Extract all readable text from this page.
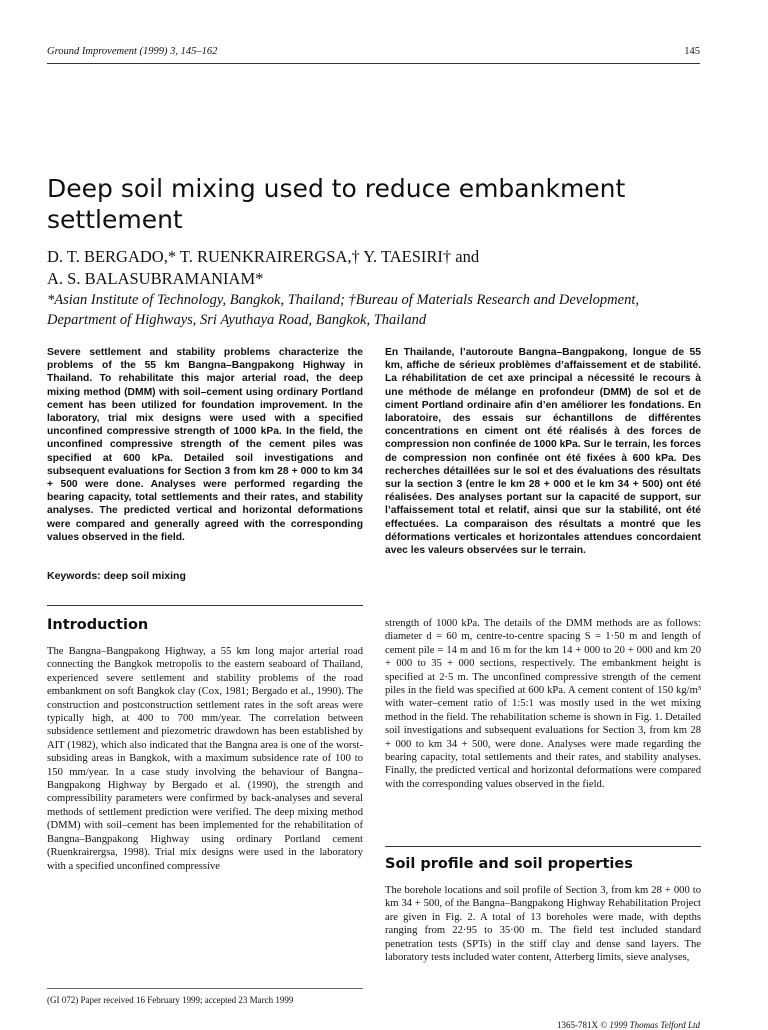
Ground Improvement (1999) 3, 145–162	145
Deep soil mixing used to reduce embankment settlement
D. T. BERGADO,* T. RUENKRAIRERGSA,† Y. TAESIRI† and
A. S. BALASUBRAMANIAM*
*Asian Institute of Technology, Bangkok, Thailand; †Bureau of Materials Research and Development, Department of Highways, Sri Ayuthaya Road, Bangkok, Thailand
Severe settlement and stability problems characterize the problems of the 55 km Bangna–Bangpakong Highway in Thailand. To rehabilitate this major arterial road, the deep mixing method (DMM) with soil–cement using ordinary Portland cement has been utilized for foundation improvement. In the laboratory, trial mix designs were used with a specified unconfined compressive strength of 1000 kPa. In the field, the unconfined compressive strength of the cement piles was specified at 600 kPa. Detailed soil investigations and subsequent evaluations for Section 3 from km 28 + 000 to km 34 + 500 were done. Analyses were performed regarding the bearing capacity, total settlements and their rates, and stability analyses. The predicted vertical and horizontal deformations were compared and generally agreed with the corresponding values observed in the field.
En Thailande, l’autoroute Bangna–Bangpakong, longue de 55 km, affiche de sérieux problèmes d’affaissement et de stabilité. La réhabilitation de cet axe principal a nécessité le recours à une méthode de mélange en profondeur (DMM) de sol et de ciment Portland ordinaire afin d’en améliorer les fondations. En laboratoire, des essais sur échantillons de différentes concentrations en ciment ont été réalisés à des forces de compression non confinée de 1000 kPa. Sur le terrain, les forces de compression non confinée ont été fixées à 600 kPa. Des recherches détaillées sur le sol et des évaluations des résultats sur la section 3 (entre le km 28 + 000 et le km 34 + 500) ont été réalisées. Des analyses portant sur la capacité de support, sur l’affaissement total et relatif, ainsi que sur la stabilité, ont été effectuées. La comparaison des résultats a montré que les déformations verticales et horizontales attendues concordaient avec les valeurs observées sur le terrain.
Keywords: deep soil mixing
Introduction
The Bangna–Bangpakong Highway, a 55 km long major arterial road connecting the Bangkok metropolis to the eastern seaboard of Thailand, experienced severe settlement and stability problems of the road embankment on soft Bangkok clay (Cox, 1981; Bergado et al., 1990). The construction and postconstruction settlement rates in the soft areas were typically high, at 400 to 700 mm/year. The correlation between subsidence settlement and piezometric drawdown has been established by AIT (1982), which also indicated that the Bangna area is one of the worst-subsiding areas in Bangkok, with a maximum subsidence rate of 100 to 150 mm/year. In a case study involving the behaviour of Bangna–Bangpakong Highway by Bergado et al. (1990), the strength and compressibility parameters were confirmed by back-analyses and several methods of settlement prediction were verified. The deep mixing method (DMM) with soil–cement has been implemented for the rehabilitation of Bangna–Bangpakong Highway using ordinary Portland cement (Ruenkrairergsa, 1998). Trial mix designs were used in the laboratory with a specified unconfined compressive
strength of 1000 kPa. The details of the DMM methods are as follows: diameter d = 60 m, centre-to-centre spacing S = 1·50 m and length of cement pile = 14 m and 16 m for the km 14 + 000 to 20 + 000 and km 20 + 000 to 35 + 000 sections, respectively. The embankment height is specified at 2·5 m. The unconfined compressive strength of the cement piles in the field was specified at 600 kPa. A cement content of 150 kg/m³ with water–cement ratio of 1:5:1 was mostly used in the wet mixing method in the field. The rehabilitation scheme is shown in Fig. 1. Detailed soil investigations and subsequent evaluations for Section 3, from km 28 + 000 to km 34 + 500, were done. Analyses were made regarding the bearing capacity, total settlements and their rates, and stability analyses. Finally, the predicted vertical and horizontal deformations were compared with the corresponding values observed in the field.
Soil profile and soil properties
The borehole locations and soil profile of Section 3, from km 28 + 000 to km 34 + 500, of the Bangna–Bangpakong Highway Rehabilitation Project are given in Fig. 2. A total of 13 boreholes were made, with depths ranging from 22·95 to 35·00 m. The field test included standard penetration tests (SPTs) in the stiff clay and dense sand layers. The laboratory tests included water content, Atterberg limits, sieve analyses,
(GI 072) Paper received 16 February 1999; accepted 23 March 1999
1365-781X © 1999 Thomas Telford Ltd
